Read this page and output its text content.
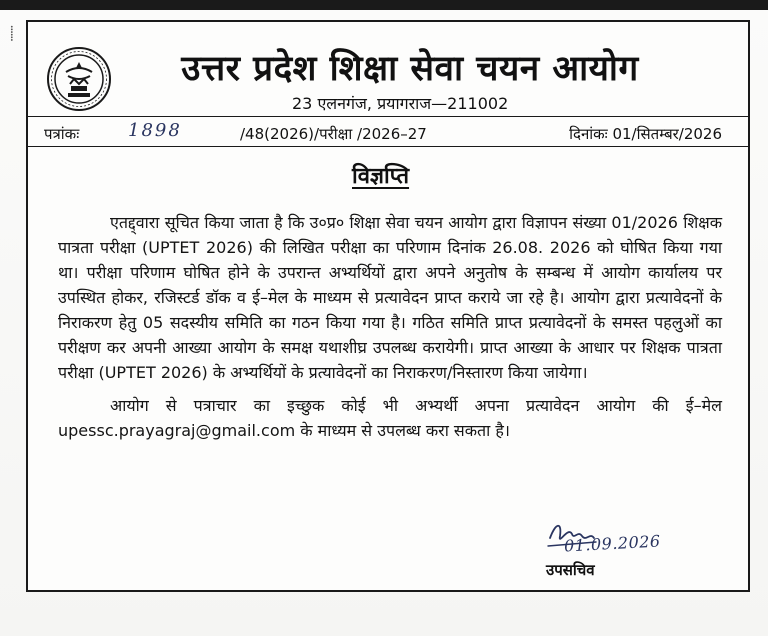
⸽
उत्तर प्रदेश शिक्षा सेवा चयन आयोग
23 एलनगंज, प्रयागराज—211002
पत्रांकः	1898	/48(2026)/परीक्षा /2026–27	दिनांकः 01/सितम्बर/2026
विज्ञप्ति

एतद्द्वारा सूचित किया जाता है कि उ०प्र० शिक्षा सेवा चयन आयोग द्वारा विज्ञापन संख्या 01/2026 शिक्षक पात्रता परीक्षा (UPTET 2026) की लिखित परीक्षा का परिणाम दिनांक 26.08. 2026 को घोषित किया गया था। परीक्षा परिणाम घोषित होने के उपरान्त अभ्यर्थियों द्वारा अपने अनुतोष के सम्बन्ध में आयोग कार्यालय पर उपस्थित होकर, रजिस्टर्ड डॉक व ई–मेल के माध्यम से प्रत्यावेदन प्राप्त कराये जा रहे है। आयोग द्वारा प्रत्यावेदनों के निराकरण हेतु 05 सदस्यीय समिति का गठन किया गया है। गठित समिति प्राप्त प्रत्यावेदनों के समस्त पहलुओं का परीक्षण कर अपनी आख्या आयोग के समक्ष यथाशीघ्र उपलब्ध करायेगी। प्राप्त आख्या के आधार पर शिक्षक पात्रता परीक्षा (UPTET 2026) के अभ्यर्थियों के प्रत्यावेदनों का निराकरण/निस्तारण किया जायेगा।

आयोग से पत्राचार का इच्छुक कोई भी अभ्यर्थी अपना प्रत्यावेदन आयोग की ई–मेल upessc.prayagraj@gmail.com के माध्यम से उपलब्ध करा सकता है।

01.09.2026
उपसचिव
